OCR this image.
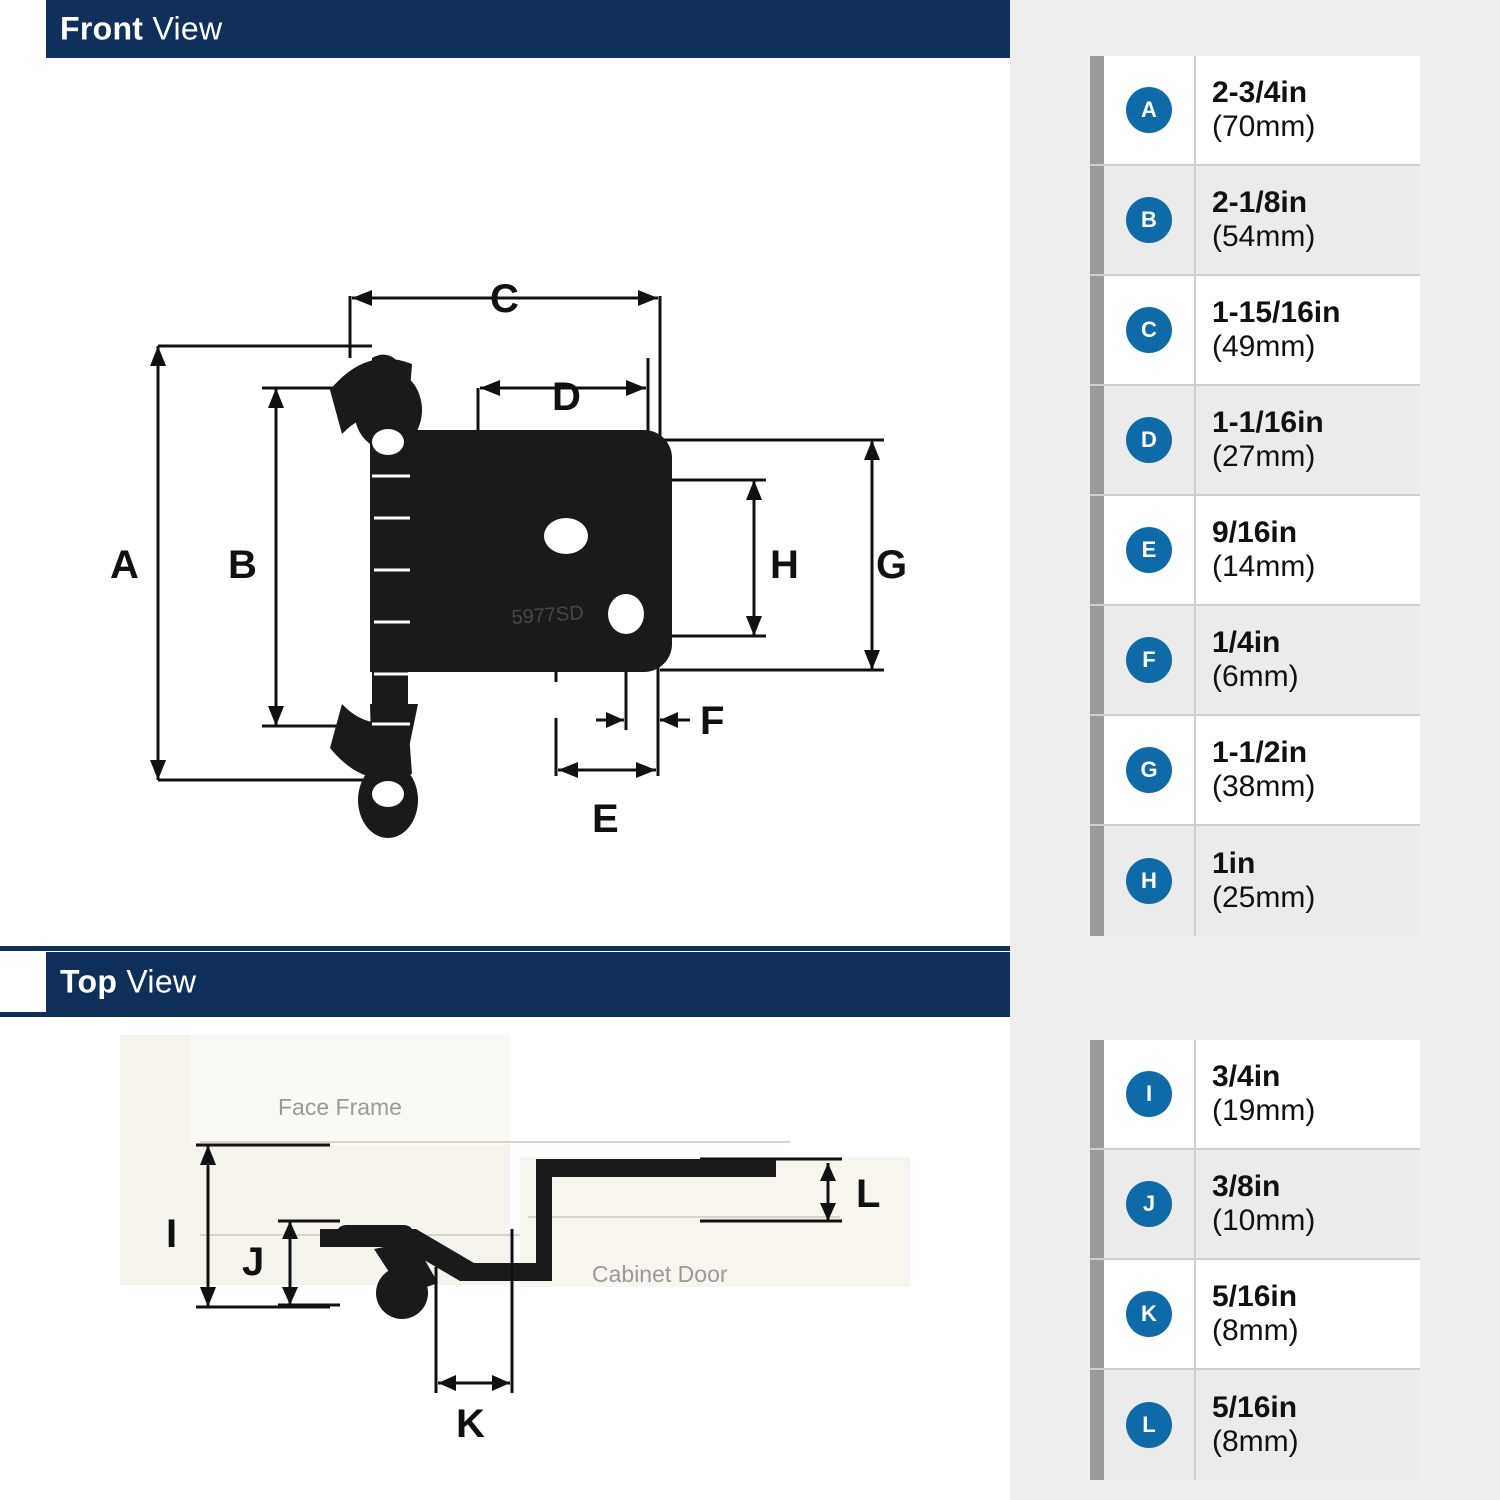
Front View
5977SD
C
D
A B	G
H
E
F
A
2-3/4in
(70mm)
B
2-1/8in
(54mm)
C
1-15/16in
(49mm)
D
1-1/16in
(27mm)
E
9/16in
(14mm)
F
1/4in
(6mm)
G
1-1/2in
(38mm)
H
1in
(25mm)
Top View
Face Frame
Cabinet Door
I
J
K
L
I
3/4in
(19mm)
J
3/8in
(10mm)
K
5/16in
(8mm)
L
5/16in
(8mm)
